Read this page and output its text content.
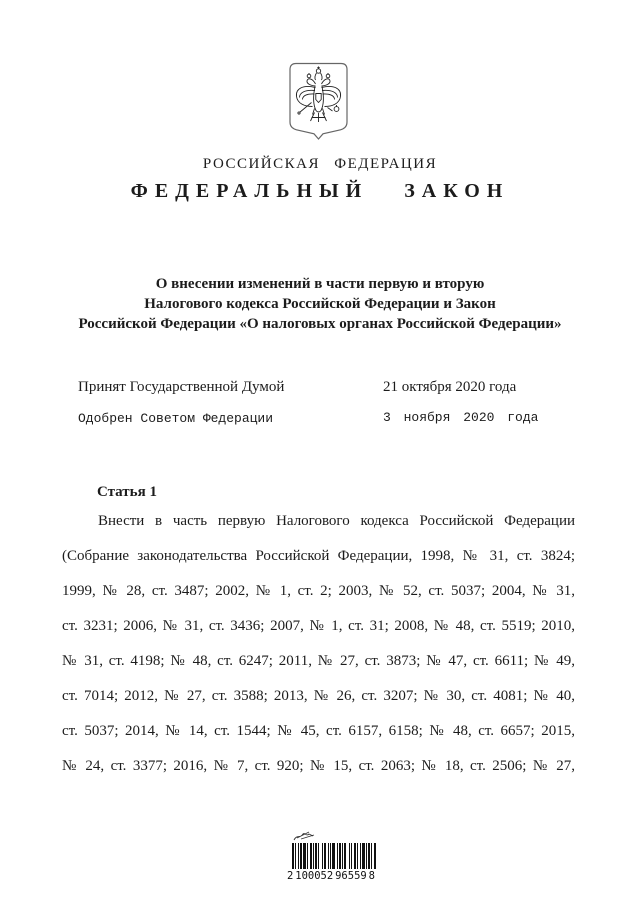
РОССИЙСКАЯ ФЕДЕРАЦИЯ
ФЕДЕРАЛЬНЫЙ ЗАКОН
О внесении изменений в части первую и вторую
Налогового кодекса Российской Федерации и Закон
Российской Федерации «О налоговых органах Российской Федерации»
Принят Государственной Думой	21 октября 2020 года
Одобрен Советом Федерации	3 ноября 2020 года
Статья 1
Внести в часть первую Налогового кодекса Российской Федерации
(Собрание законодательства Российской Федерации, 1998, № 31, ст. 3824;
1999, № 28, ст. 3487; 2002, № 1, ст. 2; 2003, № 52, ст. 5037; 2004, № 31,
ст. 3231; 2006, № 31, ст. 3436; 2007, № 1, ст. 31; 2008, № 48, ст. 5519; 2010,
№ 31, ст. 4198; № 48, ст. 6247; 2011, № 27, ст. 3873; № 47, ст. 6611; № 49,
ст. 7014; 2012, № 27, ст. 3588; 2013, № 26, ст. 3207; № 30, ст. 4081; № 40,
ст. 5037; 2014, № 14, ст. 1544; № 45, ст. 6157, 6158; № 48, ст. 6657; 2015,
№ 24, ст. 3377; 2016, № 7, ст. 920; № 15, ст. 2063; № 18, ст. 2506; № 27,
2 100052 96559 8
